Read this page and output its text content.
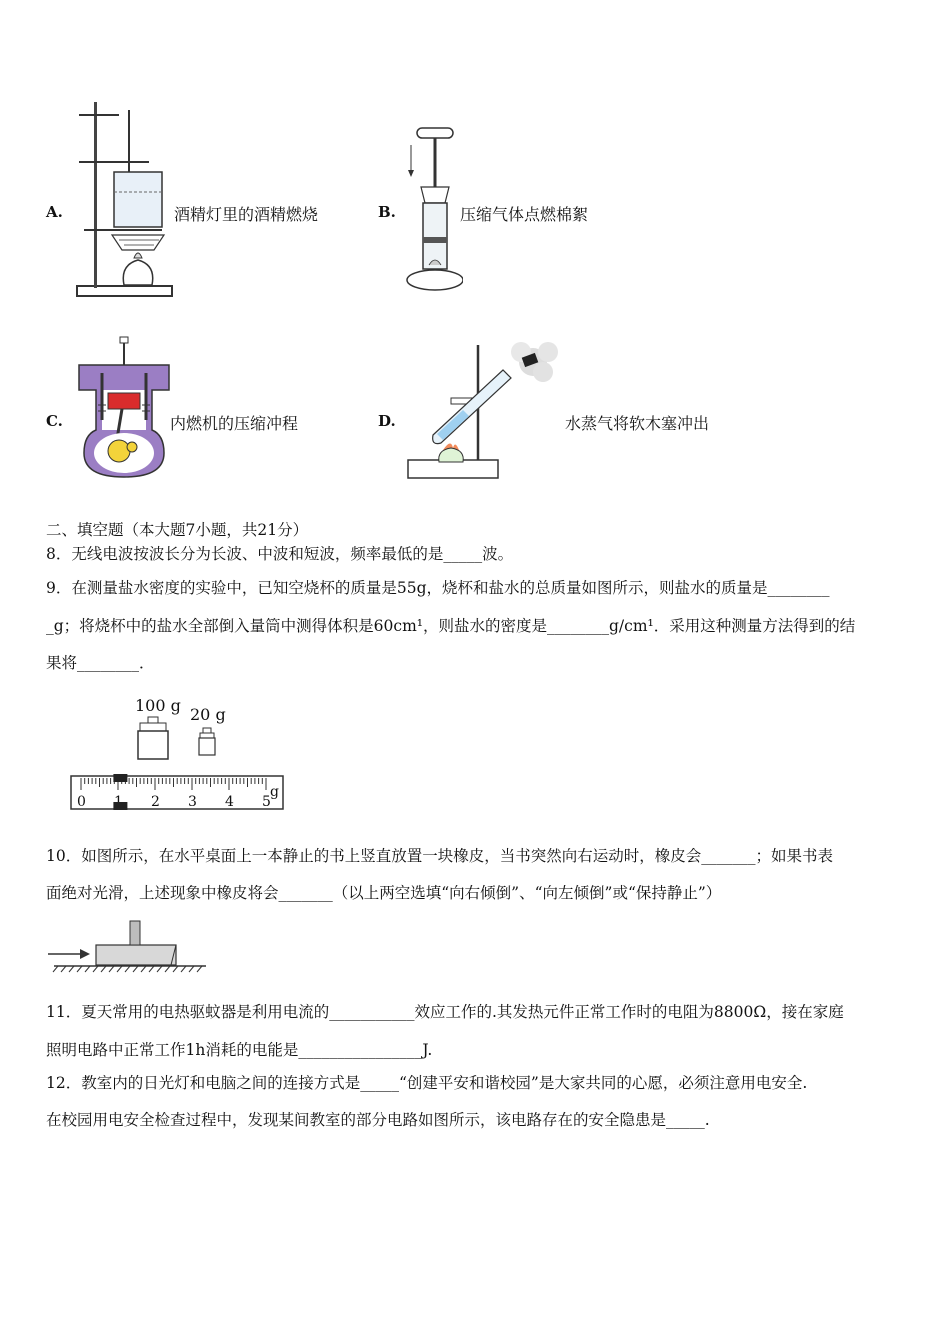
A.	酒精灯里的酒精燃烧	B.	压缩气体点燃棉絮
C.	内燃机的压缩冲程	D.	水蒸气将软木塞冲出
二、填空题（本大题7小题，共21分）
8．无线电波按波长分为长波、中波和短波，频率最低的是_____波。
9．在测量盐水密度的实验中，已知空烧杯的质量是55g，烧杯和盐水的总质量如图所示，则盐水的质量是________
_g；将烧杯中的盐水全部倒入量筒中测得体积是60cm¹，则盐水的密度是________g/cm¹．采用这种测量方法得到的结
果将________．
100 g 20 g
0	2 3 4 5
g
10．如图所示，在水平桌面上一本静止的书上竖直放置一块橡皮，当书突然向右运动时，橡皮会_______；如果书表
面绝对光滑，上述现象中橡皮将会_______（以上两空选填“向右倾倒”、“向左倾倒”或“保持静止”）
11．夏天常用的电热驱蚊器是利用电流的___________效应工作的.其发热元件正常工作时的电阻为8800Ω，接在家庭
照明电路中正常工作1h消耗的电能是________________J.
12．教室内的日光灯和电脑之间的连接方式是_____“创建平安和谐校园”是大家共同的心愿，必须注意用电安全.
在校园用电安全检查过程中，发现某间教室的部分电路如图所示，该电路存在的安全隐患是_____.
